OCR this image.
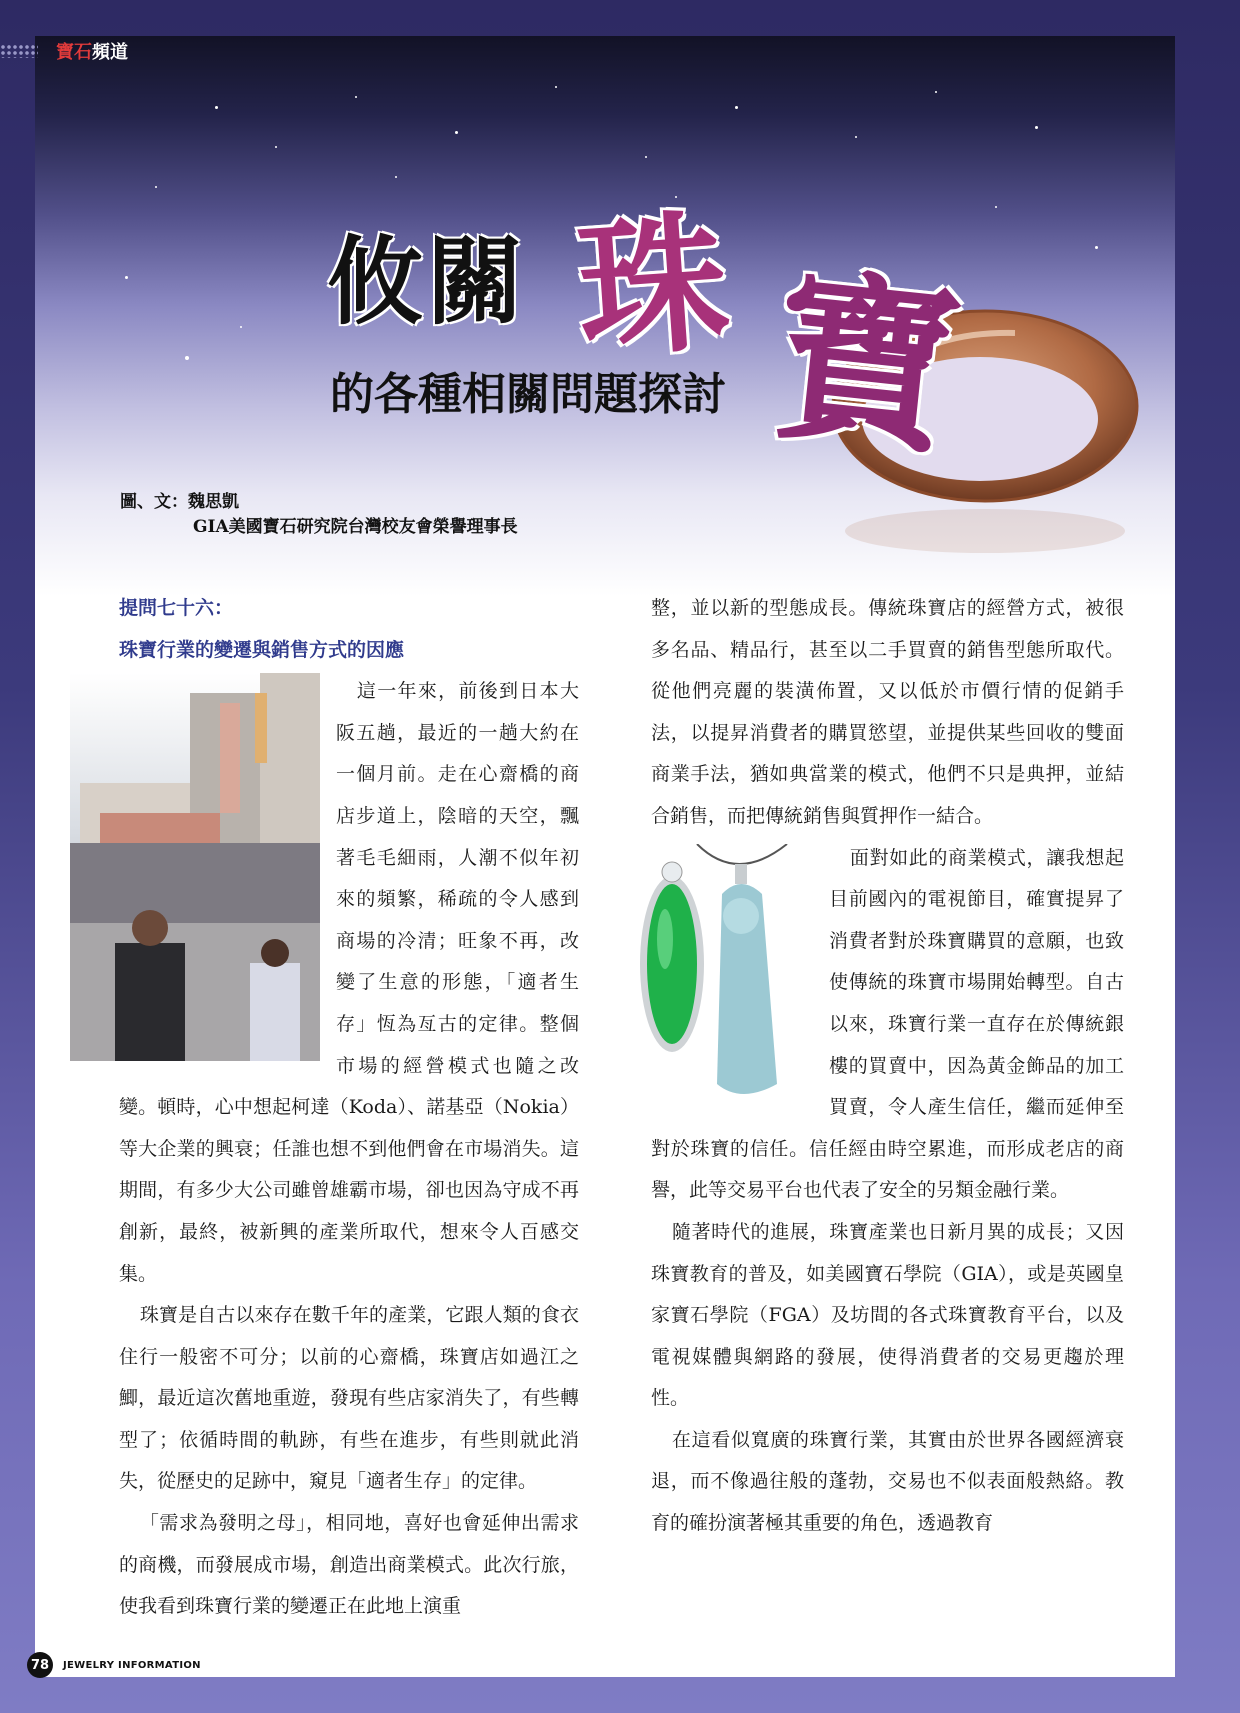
攸關 珠 寶
的各種相關問題探討
圖、文：魏思凱
GIA美國寶石研究院台灣校友會榮譽理事長
提問七十六：
珠寶行業的變遷與銷售方式的因應

這一年來，前後到日本大阪五趟，最近的一趟大約在一個月前。走在心齋橋的商店步道上，陰暗的天空，飄著毛毛細雨，人潮不似年初來的頻繁，稀疏的令人感到商場的冷清；旺象不再，改變了生意的形態，「適者生存」恆為亙古的定律。整個市場的經營模式也隨之改變。頓時，心中想起柯達（Koda）、諾基亞（Nokia）等大企業的興衰；任誰也想不到他們會在市場消失。這期間，有多少大公司雖曾雄霸市場，卻也因為守成不再創新，最終，被新興的產業所取代，想來令人百感交集。

珠寶是自古以來存在數千年的產業，它跟人類的食衣住行一般密不可分；以前的心齋橋，珠寶店如過江之鯽，最近這次舊地重遊，發現有些店家消失了，有些轉型了；依循時間的軌跡，有些在進步，有些則就此消失，從歷史的足跡中，窺見「適者生存」的定律。

「需求為發明之母」，相同地，喜好也會延伸出需求的商機，而發展成市場，創造出商業模式。此次行旅，使我看到珠寶行業的變遷正在此地上演重

整，並以新的型態成長。傳統珠寶店的經營方式，被很多名品、精品行，甚至以二手買賣的銷售型態所取代。從他們亮麗的裝潢佈置，又以低於市價行情的促銷手法，以提昇消費者的購買慾望，並提供某些回收的雙面商業手法，猶如典當業的模式，他們不只是典押，並結合銷售，而把傳統銷售與質押作一結合。

面對如此的商業模式，讓我想起目前國內的電視節目，確實提昇了消費者對於珠寶購買的意願，也致使傳統的珠寶市場開始轉型。自古以來，珠寶行業一直存在於傳統銀樓的買賣中，因為黃金飾品的加工買賣，令人產生信任，繼而延伸至對於珠寶的信任。信任經由時空累進，而形成老店的商譽，此等交易平台也代表了安全的另類金融行業。

隨著時代的進展，珠寶產業也日新月異的成長；又因珠寶教育的普及，如美國寶石學院（GIA），或是英國皇家寶石學院（FGA）及坊間的各式珠寶教育平台，以及電視媒體與網路的發展，使得消費者的交易更趨於理性。

在這看似寬廣的珠寶行業，其實由於世界各國經濟衰退，而不像過往般的蓬勃，交易也不似表面般熱絡。教育的確扮演著極其重要的角色，透過教育

寶石 頻道
78	JEWELRY INFORMATION
